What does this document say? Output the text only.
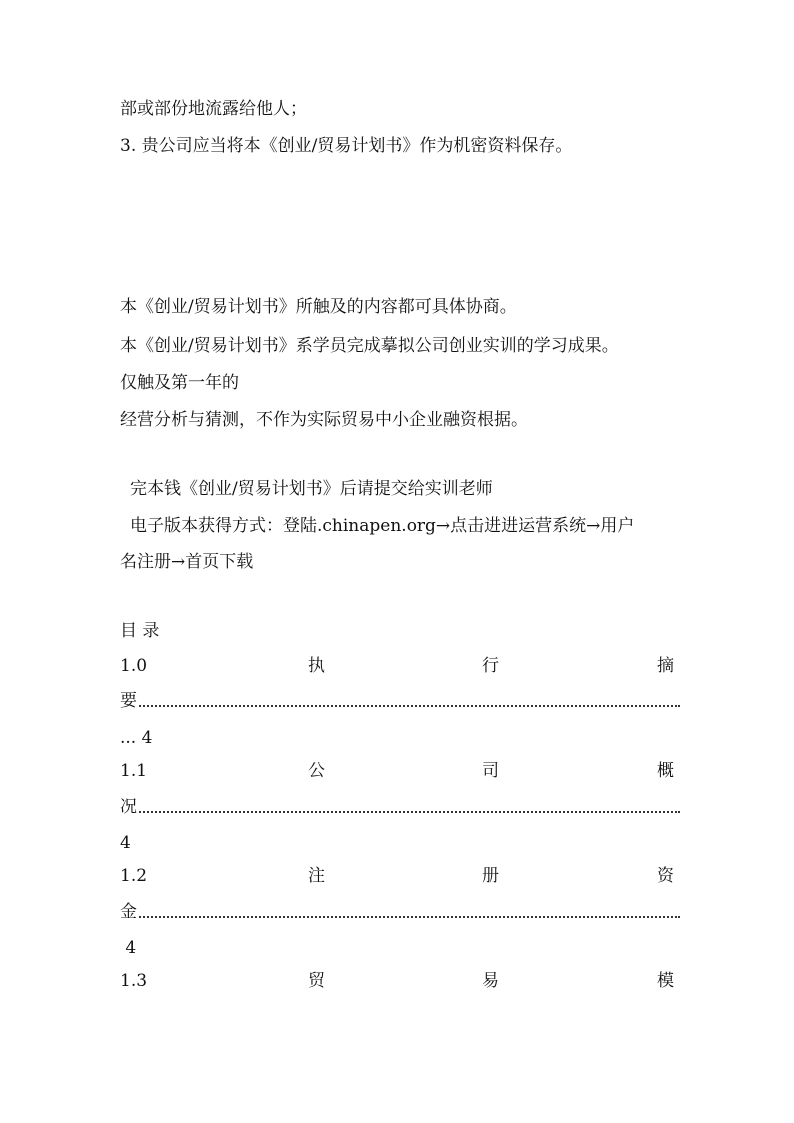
部或部份地流露给他人；
3. 贵公司应当将本《创业/贸易计划书》作为机密资料保存。
本《创业/贸易计划书》所触及的内容都可具体协商。
本《创业/贸易计划书》系学员完成摹拟公司创业实训的学习成果。
仅触及第一年的
经营分析与猜测，不作为实际贸易中小企业融资根据。
完本钱《创业/贸易计划书》后请提交给实训老师
电子版本获得方式：登陆.chinapen.org→点击进进运营系统→用户
名注册→首页下载
目 录
1.0	执	行	摘
要
... 4
1.1	公	司	概
况
4
1.2	注	册	资
金
4
1.3	贸	易	模
